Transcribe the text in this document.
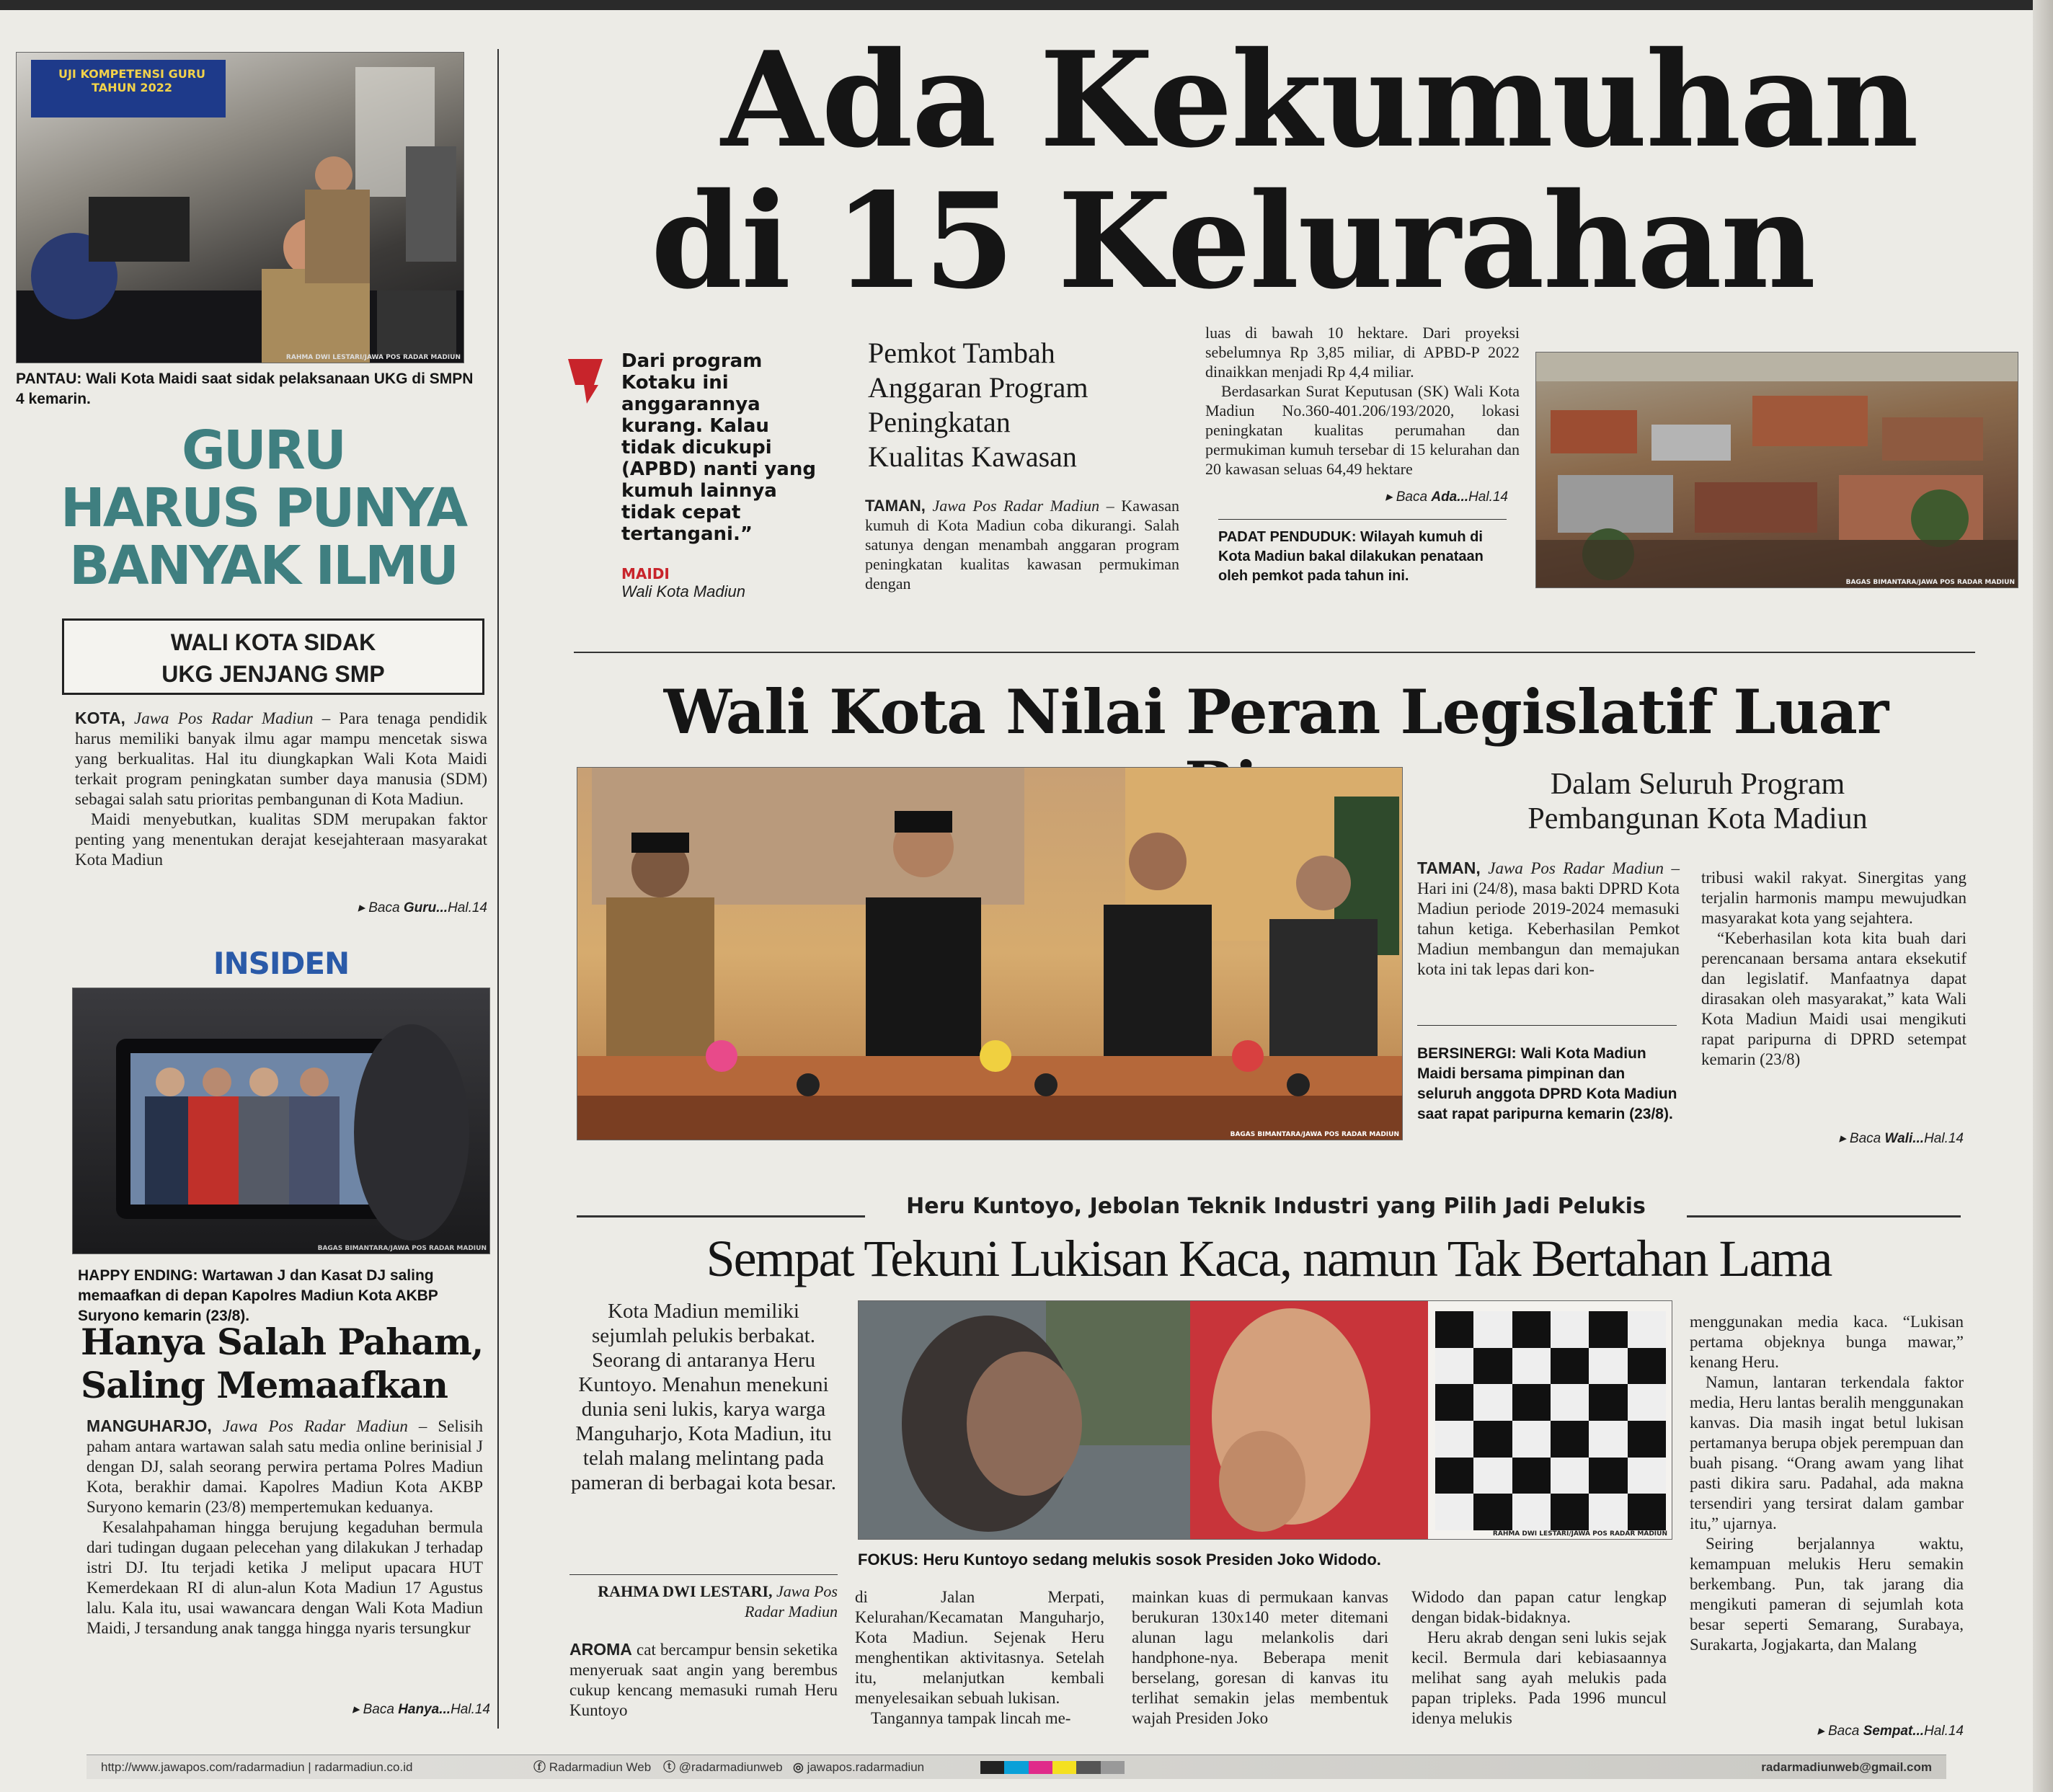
Ada Kekumuhan
di 15 Kelurahan
UJI KOMPETENSI GURU TAHUN 2022
RAHMA DWI LESTARI/JAWA POS RADAR MADIUN
PANTAU: Wali Kota Maidi saat sidak pelaksanaan UKG di SMPN 4 kemarin.
GURU
HARUS PUNYA
BANYAK ILMU
WALI KOTA SIDAK
UKG JENJANG SMP

KOTA, Jawa Pos Radar Madiun – Para tenaga pendidik harus memiliki banyak ilmu agar mampu mencetak siswa yang berkualitas. Hal itu diungkapkan Wali Kota Maidi terkait program peningkatan sumber daya manusia (SDM) sebagai salah satu prioritas pembangunan di Kota Madiun.

Maidi menyebutkan, kualitas SDM merupakan faktor penting yang menentukan derajat kesejahteraan masyarakat Kota Madiun

▸ Baca Guru...Hal.14
INSIDEN
BAGAS BIMANTARA/JAWA POS RADAR MADIUN
HAPPY ENDING: Wartawan J dan Kasat DJ saling memaafkan di depan Kapolres Madiun Kota AKBP Suryono kemarin (23/8).
Hanya Salah Paham,
Saling Memaafkan

MANGUHARJO, Jawa Pos Radar Madiun – Selisih paham antara wartawan salah satu media online berinisial J dengan DJ, salah seorang perwira pertama Polres Madiun Kota, berakhir damai. Kapolres Madiun Kota AKBP Suryono kemarin (23/8) mempertemukan keduanya.

Kesalahpahaman hingga berujung kegaduhan bermula dari tudingan dugaan pelecehan yang dilakukan J terhadap istri DJ. Itu terjadi ketika J meliput upacara HUT Kemerdekaan RI di alun-alun Kota Madiun 17 Agustus lalu. Kala itu, usai wawancara dengan Wali Kota Madiun Maidi, J tersandung anak tangga hingga nyaris tersungkur

▸ Baca Hanya...Hal.14
Dari program Kotaku ini anggarannya kurang. Kalau tidak dicukupi (APBD) nanti yang kumuh lainnya tidak cepat tertangani.”
MAIDI
Wali Kota Madiun
Pemkot Tambah
Anggaran Program
Peningkatan
Kualitas Kawasan

TAMAN, Jawa Pos Radar Madiun – Kawasan kumuh di Kota Madiun coba dikurangi. Salah satunya dengan menambah anggaran program peningkatan kualitas kawasan permukiman dengan

luas di bawah 10 hektare. Dari proyeksi sebelumnya Rp 3,85 miliar, di APBD-P 2022 dinaikkan menjadi Rp 4,4 miliar.

Berdasarkan Surat Keputusan (SK) Wali Kota Madiun No.360-401.206/193/2020, lokasi peningkatan kualitas perumahan dan permukiman kumuh tersebar di 15 kelurahan dan 20 kawasan seluas 64,49 hektare

▸ Baca Ada...Hal.14
PADAT PENDUDUK: Wilayah kumuh di Kota Madiun bakal dilakukan penataan oleh pemkot pada tahun ini.	BAGAS BIMANTARA/JAWA POS RADAR MADIUN
Wali Kota Nilai Peran Legislatif Luar
BAGAS BIMANTARA/JAWA POS RADAR MADIUN
Dalam Seluruh Program
Pembangunan Kota Madiun

TAMAN, Jawa Pos Radar Madiun – Hari ini (24/8), masa bakti DPRD Kota Madiun periode 2019-2024 memasuki tahun ketiga. Keberhasilan Pemkot Madiun membangun dan memajukan kota ini tak lepas dari kon-

BERSINERGI: Wali Kota Madiun Maidi bersama pimpinan dan seluruh anggota DPRD Kota Madiun saat rapat paripurna kemarin (23/8).

tribusi wakil rakyat. Sinergitas yang terjalin harmonis mampu mewujudkan masyarakat kota yang sejahtera.

“Keberhasilan kota kita buah dari perencanaan bersama antara eksekutif dan legislatif. Manfaatnya dapat dirasakan oleh masyarakat,” kata Wali Kota Madiun Maidi usai mengikuti rapat paripurna di DPRD setempat kemarin (23/8)

▸ Baca Wali...Hal.14
Heru Kuntoyo, Jebolan Teknik Industri yang Pilih Jadi Pelukis
Sempat Tekuni Lukisan Kaca, namun Tak Bertahan Lama
Kota Madiun memiliki sejumlah pelukis berbakat. Seorang di antaranya Heru Kuntoyo. Menahun menekuni dunia seni lukis, karya warga Manguharjo, Kota Madiun, itu telah malang melintang pada pameran di berbagai kota besar.
RAHMA DWI LESTARI, Jawa Pos Radar Madiun
RAHMA DWI LESTARI/JAWA POS RADAR MADIUN
FOKUS: Heru Kuntoyo sedang melukis sosok Presiden Joko Widodo.

AROMA cat bercampur bensin seketika menyeruak saat angin yang berembus cukup kencang memasuki rumah Heru Kuntoyo

di Jalan Merpati, Kelurahan/Kecamatan Manguharjo, Kota Madiun. Sejenak Heru menghentikan aktivitasnya. Setelah itu, melanjutkan kembali menyelesaikan sebuah lukisan.

Tangannya tampak lincah me-

mainkan kuas di permukaan kanvas berukuran 130x140 meter ditemani alunan lagu melankolis dari handphone-nya. Beberapa menit berselang, goresan di kanvas itu terlihat semakin jelas membentuk wajah Presiden Joko

Widodo dan papan catur lengkap dengan bidak-bidaknya.

Heru akrab dengan seni lukis sejak kecil. Bermula dari kebiasaannya melihat sang ayah melukis pada papan tripleks. Pada 1996 muncul idenya melukis

menggunakan media kaca. “Lukisan pertama objeknya bunga mawar,” kenang Heru.

Namun, lantaran terkendala faktor media, Heru lantas beralih menggunakan kanvas. Dia masih ingat betul lukisan pertamanya berupa objek perempuan dan buah pisang. “Orang awam yang lihat pasti dikira saru. Padahal, ada makna tersendiri yang tersirat dalam gambar itu,” ujarnya.

Seiring berjalannya waktu, kemampuan melukis Heru semakin berkembang. Pun, tak jarang dia mengikuti pameran di sejumlah kota besar seperti Semarang, Surabaya, Surakarta, Jogjakarta, dan Malang

▸ Baca Sempat...Hal.14
http://www.jawapos.com/radarmadiun | radarmadiun.co.id	ⓕ Radarmadiun Web ⓣ @radarmadiunweb ◎ jawapos.radarmadiun	radarmadiunweb@gmail.com
